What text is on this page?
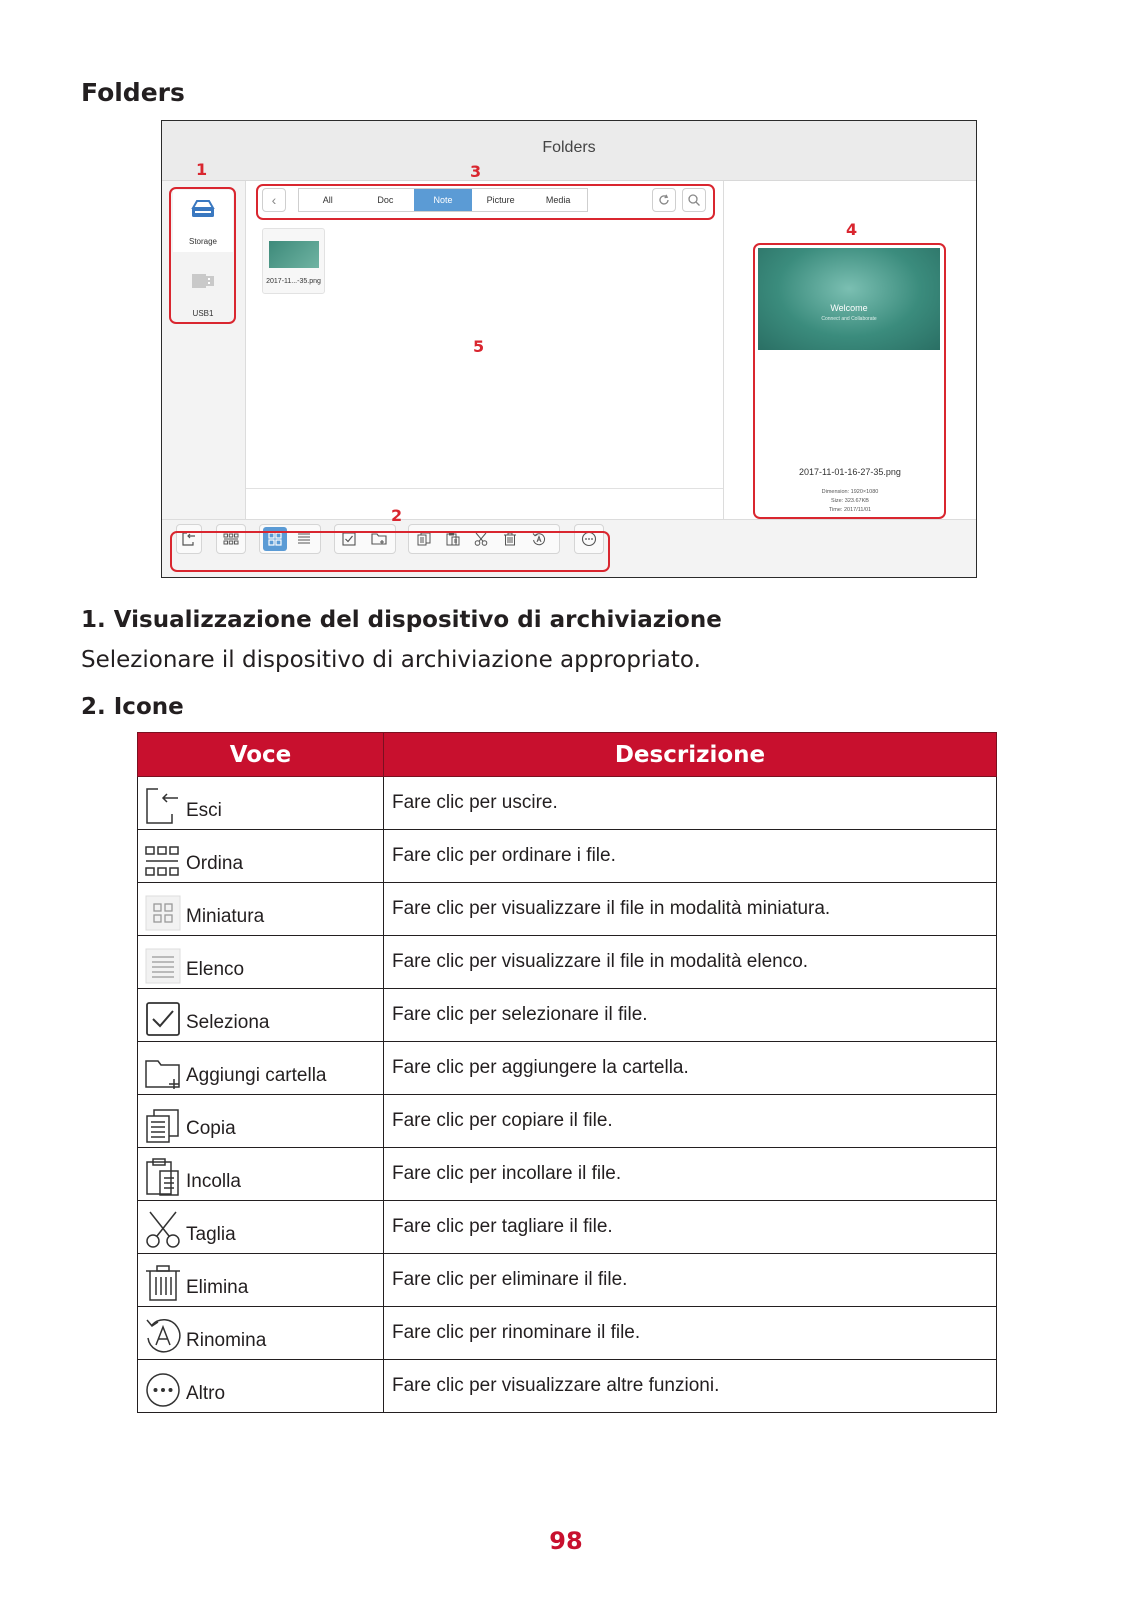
Folders
Folders
Storage
USB1
‹	All	Doc	Note	Picture	Media
2017-11...-35.png
Welcome
Connect and Collaborate
2017-11-01-16-27-35.png
Dimension: 1920×1080
Size: 323.67KB
Time: 2017/11/01
1
2
3
4
5
1. Visualizzazione del dispositivo di archiviazione
Selezionare il dispositivo di archiviazione appropriato.
2. Icone
Voce	Descrizione

Esci	Fare clic per uscire.

Ordina	Fare clic per ordinare i file.

Miniatura	Fare clic per visualizzare il file in modalità miniatura.

Elenco	Fare clic per visualizzare il file in modalità elenco.

Seleziona	Fare clic per selezionare il file.

Aggiungi cartella	Fare clic per aggiungere la cartella.

Copia	Fare clic per copiare il file.

Incolla	Fare clic per incollare il file.

Taglia	Fare clic per tagliare il file.

Elimina	Fare clic per eliminare il file.

Rinomina	Fare clic per rinominare il file.

Altro	Fare clic per visualizzare altre funzioni.
98
